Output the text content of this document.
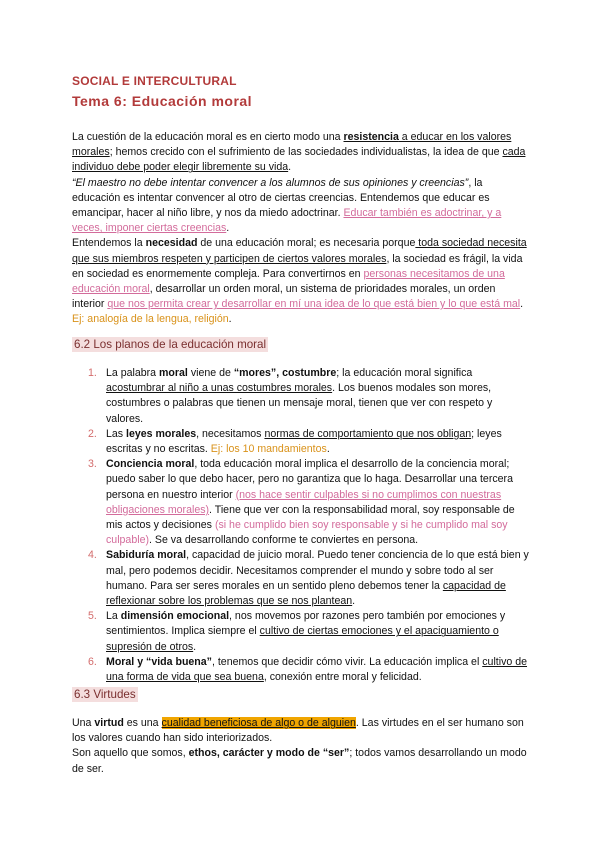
SOCIAL E INTERCULTURAL
Tema 6: Educación moral

La cuestión de la educación moral es en cierto modo una resistencia a educar en los valores morales; hemos crecido con el sufrimiento de las sociedades individualistas, la idea de que cada individuo debe poder elegir libremente su vida.

“El maestro no debe intentar convencer a los alumnos de sus opiniones y creencias”, la educación es intentar convencer al otro de ciertas creencias. Entendemos que educar es emancipar, hacer al niño libre, y nos da miedo adoctrinar. Educar también es adoctrinar, y a veces, imponer ciertas creencias.

Entendemos la necesidad de una educación moral; es necesaria porque toda sociedad necesita que sus miembros respeten y participen de ciertos valores morales, la sociedad es frágil, la vida en sociedad es enormemente compleja. Para convertirnos en personas necesitamos de una educación moral, desarrollar un orden moral, un sistema de prioridades morales, un orden interior que nos permita crear y desarrollar en mí una idea de lo que está bien y lo que está mal. Ej: analogía de la lengua, religión.

6.2 Los planos de la educación moral
1. La palabra moral viene de “mores”, costumbre; la educación moral significa acostumbrar al niño a unas costumbres morales. Los buenos modales son mores, costumbres o palabras que tienen un mensaje moral, tienen que ver con respeto y valores.
2. Las leyes morales, necesitamos normas de comportamiento que nos obligan; leyes escritas y no escritas. Ej: los 10 mandamientos.
3. Conciencia moral, toda educación moral implica el desarrollo de la conciencia moral; puedo saber lo que debo hacer, pero no garantiza que lo haga. Desarrollar una tercera persona en nuestro interior (nos hace sentir culpables si no cumplimos con nuestras obligaciones morales). Tiene que ver con la responsabilidad moral, soy responsable de mis actos y decisiones (si he cumplido bien soy responsable y si he cumplido mal soy culpable). Se va desarrollando conforme te conviertes en persona.
4. Sabiduría moral, capacidad de juicio moral. Puedo tener conciencia de lo que está bien y mal, pero podemos decidir. Necesitamos comprender el mundo y sobre todo al ser humano. Para ser seres morales en un sentido pleno debemos tener la capacidad de reflexionar sobre los problemas que se nos plantean.
5. La dimensión emocional, nos movemos por razones pero también por emociones y sentimientos. Implica siempre el cultivo de ciertas emociones y el apaciguamiento o supresión de otros.
6. Moral y “vida buena”, tenemos que decidir cómo vivir. La educación implica el cultivo de una forma de vida que sea buena, conexión entre moral y felicidad.
6.3 Virtudes

Una virtud es una cualidad beneficiosa de algo o de alguien. Las virtudes en el ser humano son los valores cuando han sido interiorizados.

Son aquello que somos, ethos, carácter y modo de “ser”; todos vamos desarrollando un modo de ser.
